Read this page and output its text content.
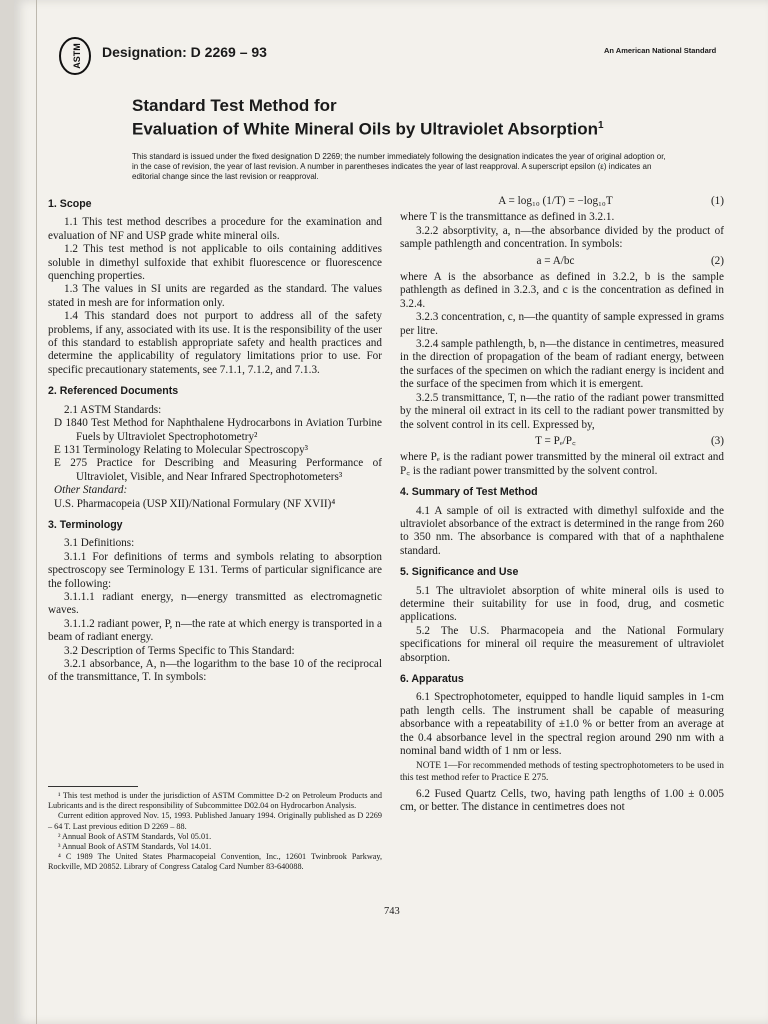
ASTM Designation: D 2269 – 93	An American National Standard
Standard Test Method for
Evaluation of White Mineral Oils by Ultraviolet Absorption$^1$
This standard is issued under the fixed designation D 2269; the number immediately following the designation indicates the year of original adoption or, in the case of revision, the year of last revision. A number in parentheses indicates the year of last reapproval. A superscript epsilon (ε) indicates an editorial change since the last revision or reapproval.
1. Scope

1.1 This test method describes a procedure for the examination and evaluation of NF and USP grade white mineral oils.

1.2 This test method is not applicable to oils containing additives soluble in dimethyl sulfoxide that exhibit fluorescence or fluorescence quenching properties.

1.3 The values in SI units are regarded as the standard. The values stated in mesh are for information only.

1.4 This standard does not purport to address all of the safety problems, if any, associated with its use. It is the responsibility of the user of this standard to establish appropriate safety and health practices and determine the applicability of regulatory limitations prior to use. For specific precautionary statements, see 7.1.1, 7.1.2, and 7.1.3.

2. Referenced Documents

2.1 ASTM Standards:

D 1840 Test Method for Naphthalene Hydrocarbons in Aviation Turbine Fuels by Ultraviolet Spectrophotometry²

E 131 Terminology Relating to Molecular Spectroscopy³

E 275 Practice for Describing and Measuring Performance of Ultraviolet, Visible, and Near Infrared Spectrophotometers³

Other Standard:

U.S. Pharmacopeia (USP XII)/National Formulary (NF XVII)⁴

3. Terminology

3.1 Definitions:

3.1.1 For definitions of terms and symbols relating to absorption spectroscopy see Terminology E 131. Terms of particular significance are the following:

3.1.1.1 radiant energy, n—energy transmitted as electromagnetic waves.

3.1.1.2 radiant power, P, n—the rate at which energy is transported in a beam of radiant energy.

3.2 Description of Terms Specific to This Standard:

3.2.1 absorbance, A, n—the logarithm to the base 10 of the reciprocal of the transmittance, T. In symbols:

¹ This test method is under the jurisdiction of ASTM Committee D-2 on Petroleum Products and Lubricants and is the direct responsibility of Subcommittee D02.04 on Hydrocarbon Analysis.

Current edition approved Nov. 15, 1993. Published January 1994. Originally published as D 2269 – 64 T. Last previous edition D 2269 – 88.

² Annual Book of ASTM Standards, Vol 05.01.

³ Annual Book of ASTM Standards, Vol 14.01.

⁴ C 1989 The United States Pharmacopeial Convention, Inc., 12601 Twinbrook Parkway, Rockville, MD 20852. Library of Congress Catalog Card Number 83-640088.

A = log₁₀ (1/T) = −log₁₀T	(1)

where T is the transmittance as defined in 3.2.1.

3.2.2 absorptivity, a, n—the absorbance divided by the product of sample pathlength and concentration. In symbols:

a = A/bc	(2)

where A is the absorbance as defined in 3.2.2, b is the sample pathlength as defined in 3.2.3, and c is the concentration as defined in 3.2.4.

3.2.3 concentration, c, n—the quantity of sample expressed in grams per litre.

3.2.4 sample pathlength, b, n—the distance in centimetres, measured in the direction of propagation of the beam of radiant energy, between the surfaces of the specimen on which the radiant energy is incident and the surface of the specimen from which it is emergent.

3.2.5 transmittance, T, n—the ratio of the radiant power transmitted by the mineral oil extract in its cell to the radiant power transmitted by the solvent control in its cell. Expressed by,

T = Pₑ/P꜀	(3)

where Pₑ is the radiant power transmitted by the mineral oil extract and P꜀ is the radiant power transmitted by the solvent control.

4. Summary of Test Method

4.1 A sample of oil is extracted with dimethyl sulfoxide and the ultraviolet absorbance of the extract is determined in the range from 260 to 350 nm. The absorbance is compared with that of a naphthalene standard.

5. Significance and Use

5.1 The ultraviolet absorption of white mineral oils is used to determine their suitability for use in food, drug, and cosmetic applications.

5.2 The U.S. Pharmacopeia and the National Formulary specifications for mineral oil require the measurement of ultraviolet absorption.

6. Apparatus

6.1 Spectrophotometer, equipped to handle liquid samples in 1-cm path length cells. The instrument shall be capable of measuring absorbance with a repeatability of ±1.0 % or better from an average at the 0.4 absorbance level in the spectral region around 290 nm with a nominal band width of 1 nm or less.

NOTE 1—For recommended methods of testing spectrophotometers to be used in this test method refer to Practice E 275.

6.2 Fused Quartz Cells, two, having path lengths of 1.00 ± 0.005 cm, or better. The distance in centimetres does not

743
